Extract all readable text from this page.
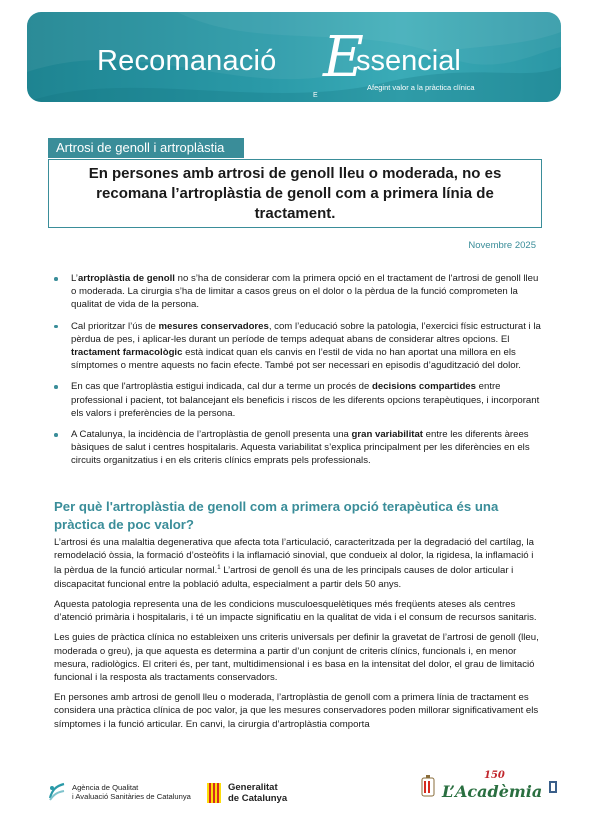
Recomanació E
ssencial
Afegint valor a la pràctica clínica
E
Artrosi de genoll i artroplàstia
En persones amb artrosi de genoll lleu o moderada, no es recomana l’artroplàstia de genoll com a primera línia de tractament.
Novembre 2025
L’artroplàstia de genoll no s’ha de considerar com la primera opció en el tractament de l'artrosi de genoll lleu o moderada. La cirurgia s’ha de limitar a casos greus on el dolor o la pèrdua de la funció comprometen la qualitat de vida de la persona.
Cal prioritzar l’ús de mesures conservadores, com l’educació sobre la patologia, l’exercici físic estructurat i la pèrdua de pes, i aplicar-les durant un període de temps adequat abans de considerar altres opcions. El tractament farmacològic està indicat quan els canvis en l’estil de vida no han aportat una millora en els símptomes o mentre aquests no facin efecte. També pot ser necessari en episodis d’agudització del dolor.
En cas que l'artroplàstia estigui indicada, cal dur a terme un procés de decisions compartides entre professional i pacient, tot balancejant els beneficis i riscos de les diferents opcions terapèutiques, i incorporant els valors i preferències de la persona.
A Catalunya, la incidència de l’artroplàstia de genoll presenta una gran variabilitat entre les diferents àrees bàsiques de salut i centres hospitalaris. Aquesta variabilitat s’explica principalment per les diferències en els circuits organitzatius i en els criteris clínics emprats pels professionals.
Per què l'artroplàstia de genoll com a primera opció terapèutica és una pràctica de poc valor?

L’artrosi és una malaltia degenerativa que afecta tota l’articulació, caracteritzada per la degradació del cartílag, la remodelació òssia, la formació d’osteòfits i la inflamació sinovial, que condueix al dolor, la rigidesa, la inflamació i la pèrdua de la funció articular normal.$^1$ L’artrosi de genoll és una de les principals causes de dolor articular i discapacitat funcional entre la població adulta, especialment a partir dels 50 anys.

Aquesta patologia representa una de les condicions musculoesquelètiques més freqüents ateses als centres d’atenció primària i hospitalaris, i té un impacte significatiu en la qualitat de vida i el consum de recursos sanitaris.

Les guies de pràctica clínica no estableixen uns criteris universals per definir la gravetat de l’artrosi de genoll (lleu, moderada o greu), ja que aquesta es determina a partir d’un conjunt de criteris clínics, funcionals i, en menor mesura, radiològics. El criteri és, per tant, multidimensional i es basa en la intensitat del dolor, el grau de limitació funcional i la resposta als tractaments conservadors.

En persones amb artrosi de genoll lleu o moderada, l’artroplàstia de genoll com a primera línia de tractament es considera una pràctica clínica de poc valor, ja que les mesures conservadores poden millorar significativament els símptomes i la funció articular. En canvi, la cirurgia d’artroplàstia comporta

Agència de Qualitat
i Avaluació Sanitàries de Catalunya
Generalitat
de Catalunya
150
L’Acadèmia
